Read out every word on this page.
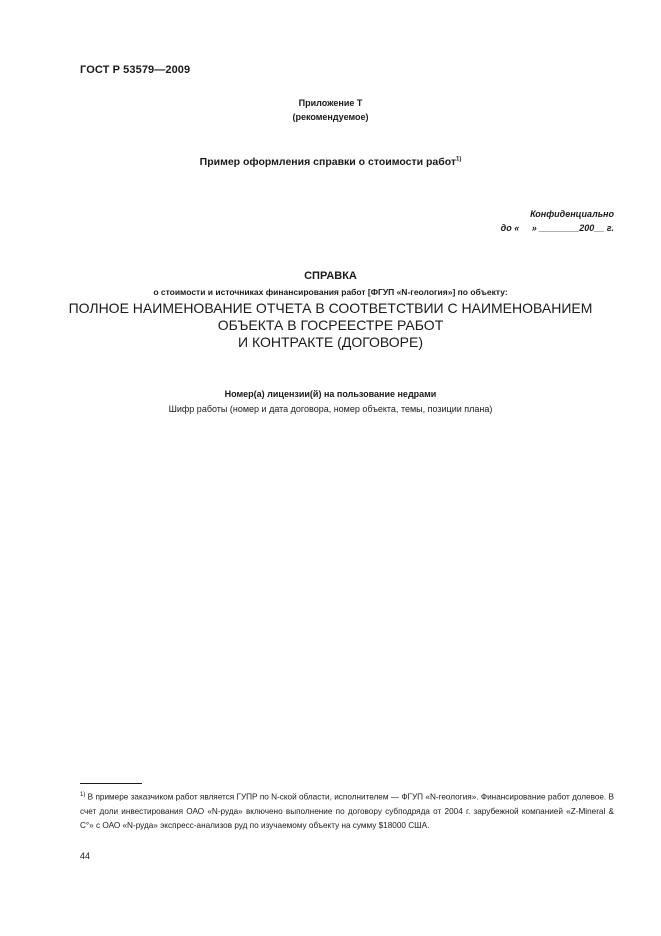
ГОСТ Р 53579—2009
Приложение Т
(рекомендуемое)
Пример оформления справки о стоимости работ$^{1)}$
Конфиденциально
до «     » ________200__ г.
СПРАВКА
о стоимости и источниках финансирования работ [ФГУП «N-геология»] по объекту:
ПОЛНОЕ НАИМЕНОВАНИЕ ОТЧЕТА В СООТВЕТСТВИИ С НАИМЕНОВАНИЕМ
ОБЪЕКТА В ГОСРЕЕСТРЕ РАБОТ
И КОНТРАКТЕ (ДОГОВОРЕ)
Номер(а) лицензии(й) на пользование недрами
Шифр работы (номер и дата договора, номер объекта, темы, позиции плана)
$^{1)}$ В примере заказчиком работ является ГУПР по N-ской области, исполнителем — ФГУП «N-геология». Финансирование работ долевое. В счет доли инвестирования ОАО «N-руда» включено выполнение по договору субподряда от 2004 г. зарубежной компанией «Z-Mineral & С°» с ОАО «N-руда» экспресс-анализов руд по изучаемому объекту на сумму $18000 США.
44
